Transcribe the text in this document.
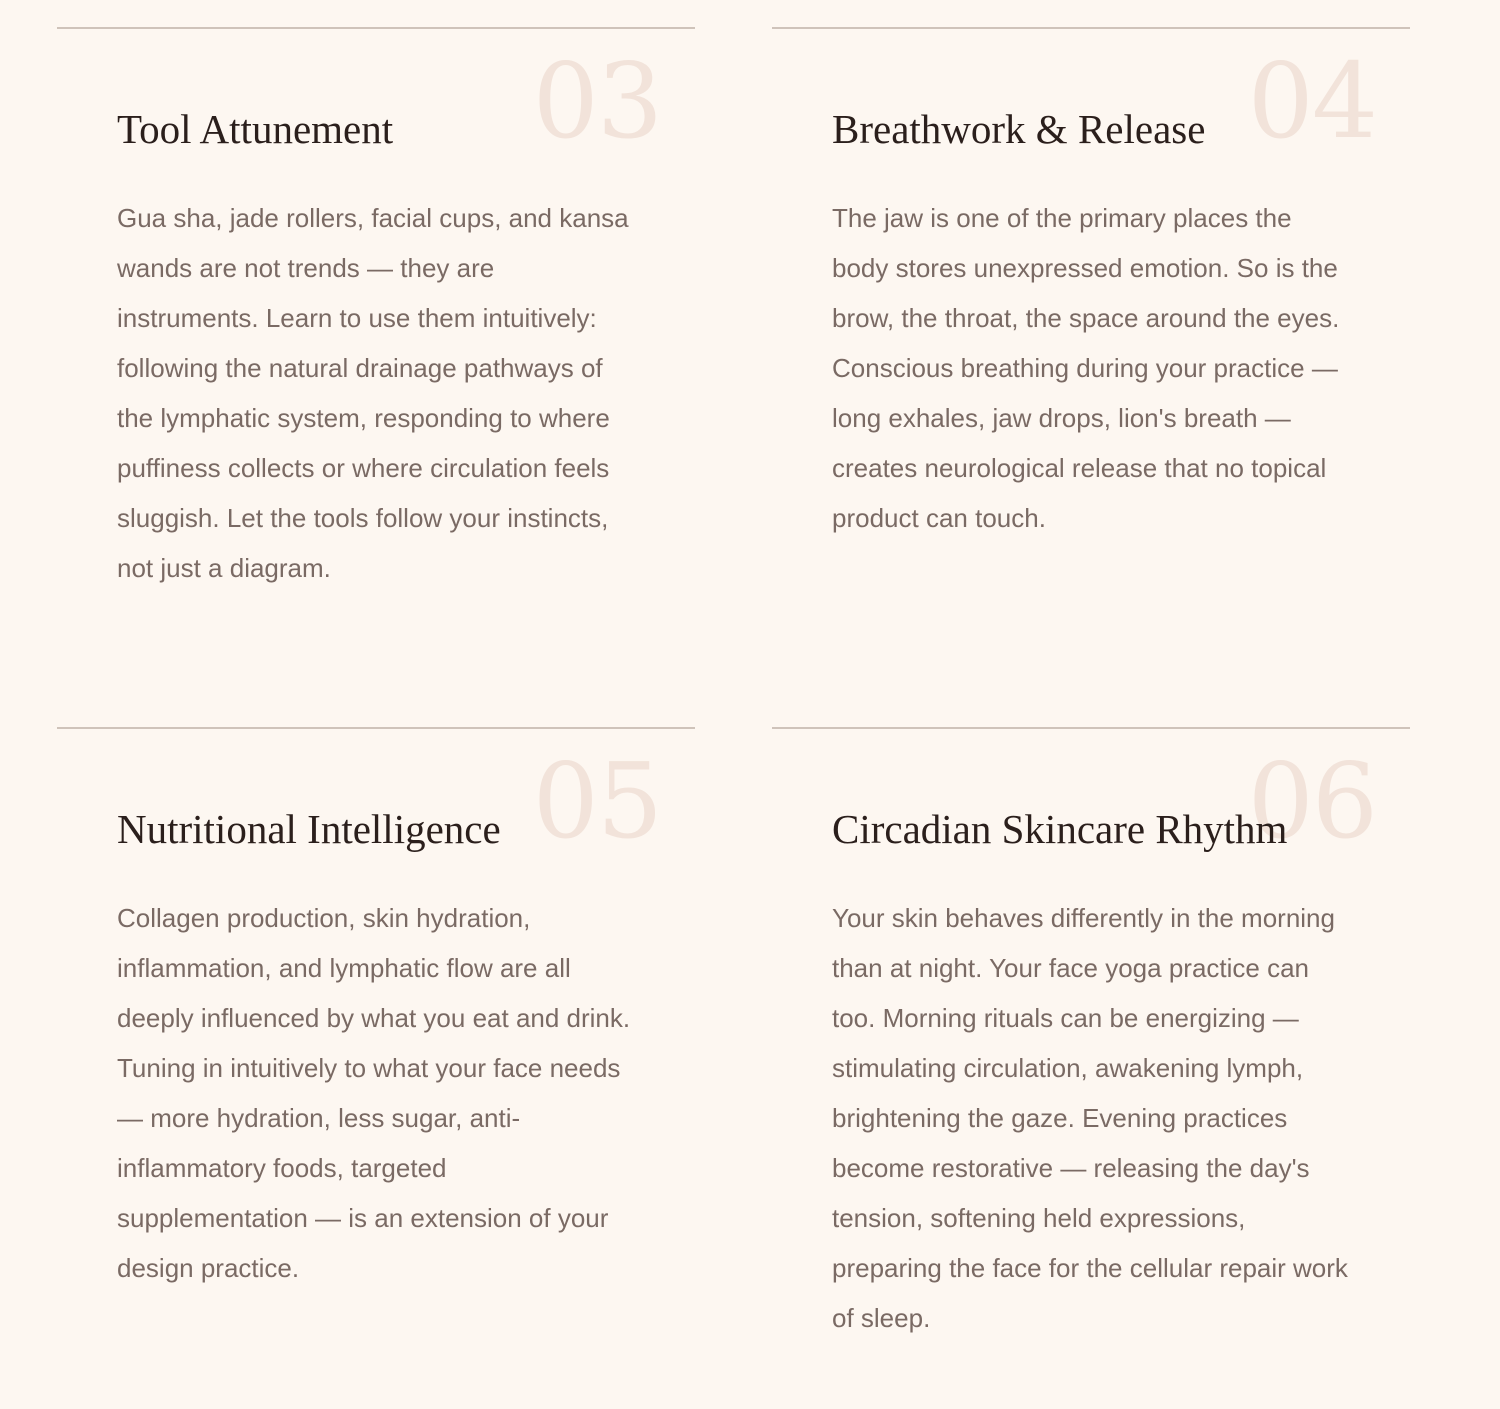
03
Tool Attunement

Gua sha, jade rollers, facial cups, and kansa wands are not trends — they are instruments. Learn to use them intuitively: following the natural drainage pathways of the lymphatic system, responding to where puffiness collects or where circulation feels sluggish. Let the tools follow your instincts, not just a diagram.

04
Breathwork & Release

The jaw is one of the primary places the body stores unexpressed emotion. So is the brow, the throat, the space around the eyes. Conscious breathing during your practice — long exhales, jaw drops, lion's breath — creates neurological release that no topical product can touch.

05
Nutritional Intelligence

Collagen production, skin hydration, inflammation, and lymphatic flow are all deeply influenced by what you eat and drink. Tuning in intuitively to what your face needs — more hydration, less sugar, anti-inflammatory foods, targeted supplementation — is an extension of your design practice.

06
Circadian Skincare Rhythm

Your skin behaves differently in the morning than at night. Your face yoga practice can too. Morning rituals can be energizing — stimulating circulation, awakening lymph, brightening the gaze. Evening practices become restorative — releasing the day's tension, softening held expressions, preparing the face for the cellular repair work of sleep.
